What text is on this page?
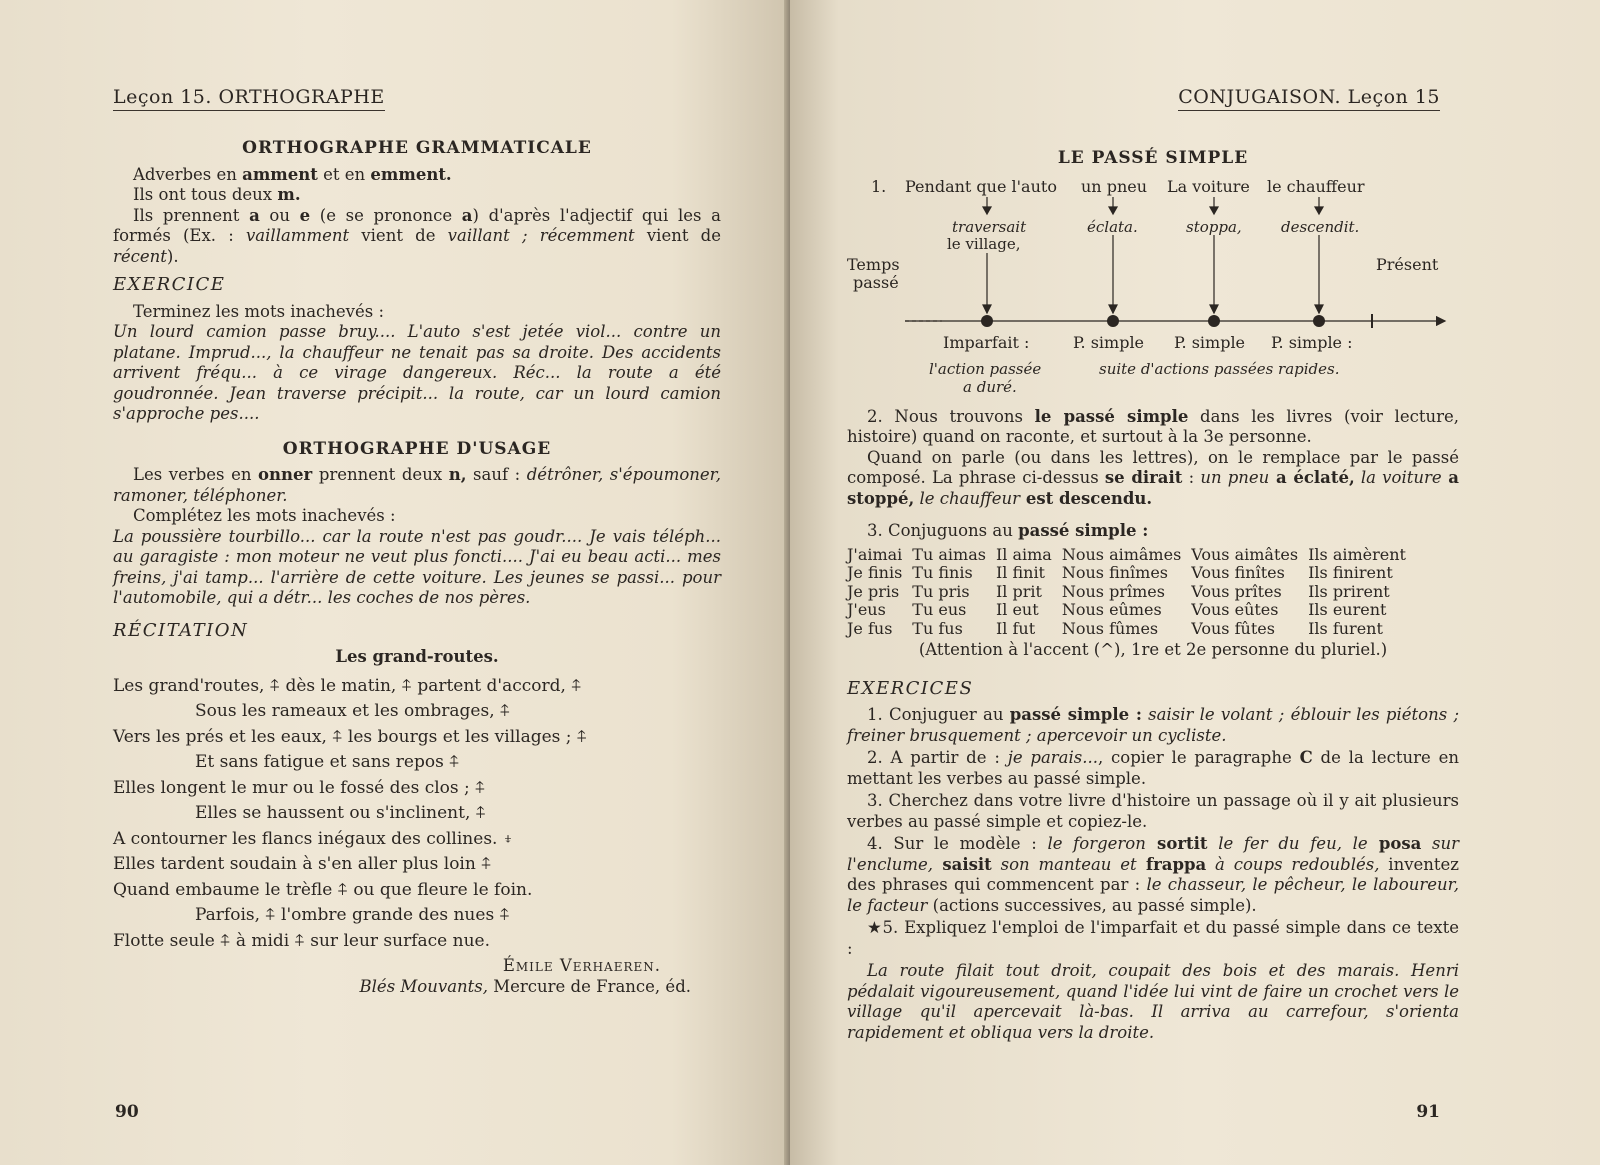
Leçon 15. ORTHOGRAPHE
ORTHOGRAPHE GRAMMATICALE

Adverbes en amment et en emment.

Ils ont tous deux m.

Ils prennent a ou e (e se prononce a) d'après l'adjectif qui les a formés (Ex. : vaillamment vient de vaillant ; récemment vient de récent).

EXERCICE

Terminez les mots inachevés :

Un lourd camion passe bruy.... L'auto s'est jetée viol... contre un platane. Imprud..., la chauffeur ne tenait pas sa droite. Des accidents arrivent fréqu... à ce virage dangereux. Réc... la route a été goudronnée. Jean traverse précipit... la route, car un lourd camion s'approche pes....

ORTHOGRAPHE D'USAGE

Les verbes en onner prennent deux n, sauf : détrôner, s'époumoner, ramoner, téléphoner.

Complétez les mots inachevés :

La poussière tourbillo... car la route n'est pas goudr.... Je vais téléph... au garagiste : mon moteur ne veut plus foncti.... J'ai eu beau acti... mes freins, j'ai tamp... l'arrière de cette voiture. Les jeunes se passi... pour l'automobile, qui a détr... les coches de nos pères.

RÉCITATION
Les grand-routes.
Les grand'routes, ⍏ dès le matin, ⍏ partent d'accord, ⍏
Sous les rameaux et les ombrages, ⍏
Vers les prés et les eaux, ⍏ les bourgs et les villages ; ⍏
Et sans fatigue et sans repos ⍏
Elles longent le mur ou le fossé des clos ; ⍏
Elles se haussent ou s'inclinent, ⍏
A contourner les flancs inégaux des collines. ⍖
Elles tardent soudain à s'en aller plus loin ⍏
Quand embaume le trèfle ⍏ ou que fleure le foin.
Parfois, ⍏ l'ombre grande des nues ⍏
Flotte seule ⍏ à midi ⍏ sur leur surface nue.
Émile Verhaeren.
Blés Mouvants, Mercure de France, éd.
90
CONJUGAISON. Leçon 15
LE PASSÉ SIMPLE
1. Pendant que l'auto un pneu La voiture le chauffeur
traversait
le village,
éclata.	stoppa,	descendit.
Temps
passé
Présent
Imparfait :	P. simple P. simple P. simple :
l'action passée
a duré.
suite d'actions passées rapides.

2. Nous trouvons le passé simple dans les livres (voir lecture, histoire) quand on raconte, et surtout à la 3e personne.

Quand on parle (ou dans les lettres), on le remplace par le passé composé. La phrase ci-dessus se dirait : un pneu a éclaté, la voiture a stoppé, le chauffeur est descendu.

3. Conjuguons au passé simple :

J'aimai	Tu aimas	Il aima	Nous aimâmes	Vous aimâtes	Ils aimèrent
Je finis	Tu finis	Il finit	Nous finîmes	Vous finîtes	Ils finirent
Je pris	Tu pris	Il prit	Nous prîmes	Vous prîtes	Ils prirent
J'eus	Tu eus	Il eut	Nous eûmes	Vous eûtes	Ils eurent
Je fus	Tu fus	Il fut	Nous fûmes	Vous fûtes	Ils furent
(Attention à l'accent (^), 1re et 2e personne du pluriel.)
EXERCICES

1. Conjuguer au passé simple : saisir le volant ; éblouir les piétons ; freiner brusquement ; apercevoir un cycliste.

2. A partir de : je parais..., copier le paragraphe C de la lecture en mettant les verbes au passé simple.

3. Cherchez dans votre livre d'histoire un passage où il y ait plusieurs verbes au passé simple et copiez-le.

4. Sur le modèle : le forgeron sortit le fer du feu, le posa sur l'enclume, saisit son manteau et frappa à coups redoublés, inventez des phrases qui commencent par : le chasseur, le pêcheur, le laboureur, le facteur (actions successives, au passé simple).

★5. Expliquez l'emploi de l'imparfait et du passé simple dans ce texte :

La route filait tout droit, coupait des bois et des marais. Henri pédalait vigoureusement, quand l'idée lui vint de faire un crochet vers le village qu'il apercevait là-bas. Il arriva au carrefour, s'orienta rapidement et obliqua vers la droite.

91
